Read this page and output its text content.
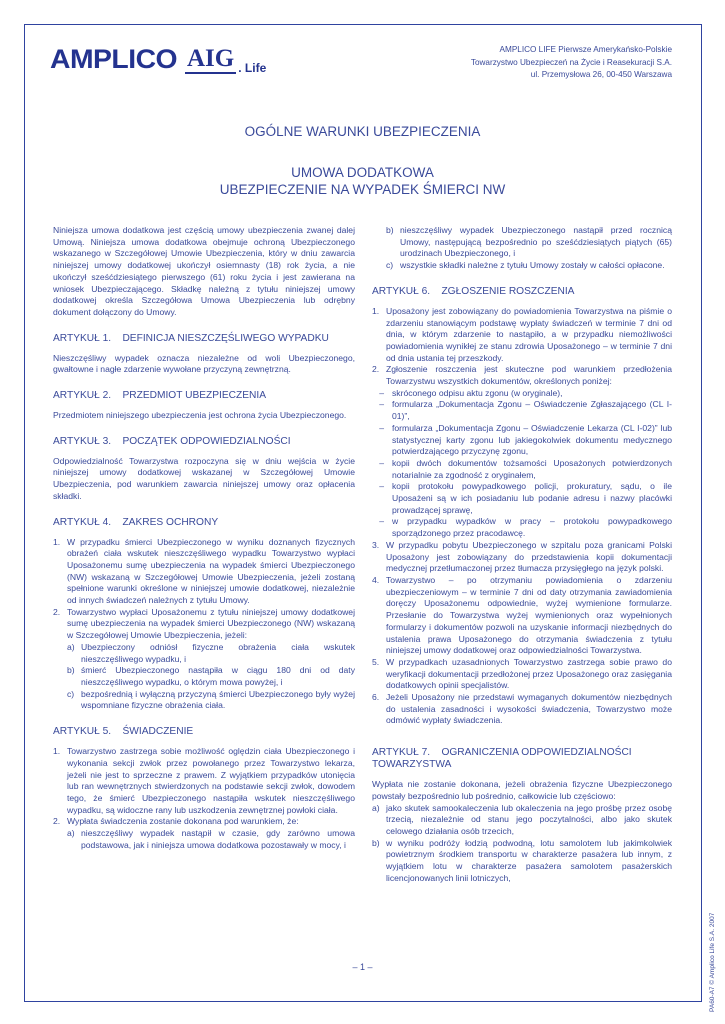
AMPLICO AIG . Life
AMPLICO LIFE Pierwsze Amerykańsko-Polskie
Towarzystwo Ubezpieczeń na Życie i Reasekuracji S.A.
ul. Przemysłowa 26, 00-450 Warszawa
OGÓLNE WARUNKI UBEZPIECZENIA
UMOWA DODATKOWA
UBEZPIECZENIE NA WYPADEK ŚMIERCI NW

Niniejsza umowa dodatkowa jest częścią umowy ubezpieczenia zwanej dalej Umową. Niniejsza umowa dodatkowa obejmuje ochroną Ubezpieczonego wskazanego w Szczegółowej Umowie Ubezpieczenia, który w dniu zawarcia niniejszej umowy dodatkowej ukończył osiemnasty (18) rok życia, a nie ukończył sześćdziesiątego pierwszego (61) roku życia i jest zawierana na wniosek Ubezpieczającego. Składkę należną z tytułu niniejszej umowy dodatkowej określa Szczegółowa Umowa Ubezpieczenia lub odrębny dokument dołączony do Umowy.

ARTYKUŁ 1.    DEFINICJA NIESZCZĘŚLIWEGO WYPADKU

Nieszczęśliwy wypadek oznacza niezależne od woli Ubezpieczonego, gwałtowne i nagłe zdarzenie wywołane przyczyną zewnętrzną.

ARTYKUŁ 2.    PRZEDMIOT UBEZPIECZENIA

Przedmiotem niniejszego ubezpieczenia jest ochrona życia Ubezpieczonego.

ARTYKUŁ 3.    POCZĄTEK ODPOWIEDZIALNOŚCI

Odpowiedzialność Towarzystwa rozpoczyna się w dniu wejścia w życie niniejszej umowy dodatkowej wskazanej w Szczegółowej Umowie Ubezpieczenia, pod warunkiem zawarcia niniejszej umowy oraz opłacenia składki.

ARTYKUŁ 4.    ZAKRES OCHRONY
1. W przypadku śmierci Ubezpieczonego w wyniku doznanych fizycznych obrażeń ciała wskutek nieszczęśliwego wypadku Towarzystwo wypłaci Uposażonemu sumę ubezpieczenia na wypadek śmierci Ubezpieczonego (NW) wskazaną w Szczegółowej Umowie Ubezpieczenia, jeżeli zostaną spełnione warunki określone w niniejszej umowie dodatkowej, niezależnie od innych świadczeń należnych z tytułu Umowy.
2. Towarzystwo wypłaci Uposażonemu z tytułu niniejszej umowy dodatkowej sumę ubezpieczenia na wypadek śmierci Ubezpieczonego (NW) wskazaną w Szczegółowej Umowie Ubezpieczenia, jeżeli:
a) Ubezpieczony odniósł fizyczne obrażenia ciała wskutek nieszczęśliwego wypadku, i
b) śmierć Ubezpieczonego nastąpiła w ciągu 180 dni od daty nieszczęśliwego wypadku, o którym mowa powyżej, i
c) bezpośrednią i wyłączną przyczyną śmierci Ubezpieczonego były wyżej wspomniane fizyczne obrażenia ciała.
ARTYKUŁ 5.    ŚWIADCZENIE
1. Towarzystwo zastrzega sobie możliwość oględzin ciała Ubezpieczonego i wykonania sekcji zwłok przez powołanego przez Towarzystwo lekarza, jeżeli nie jest to sprzeczne z prawem. Z wyjątkiem przypadków utonięcia lub ran wewnętrznych stwierdzonych na podstawie sekcji zwłok, dowodem tego, że śmierć Ubezpieczonego nastąpiła wskutek nieszczęśliwego wypadku, są widoczne rany lub uszkodzenia zewnętrznej powłoki ciała.
2. Wypłata świadczenia zostanie dokonana pod warunkiem, że:
a) nieszczęśliwy wypadek nastąpił w czasie, gdy zarówno umowa podstawowa, jak i niniejsza umowa dodatkowa pozostawały w mocy, i
b) nieszczęśliwy wypadek Ubezpieczonego nastąpił przed rocznicą Umowy, następującą bezpośrednio po sześćdziesiątych piątych (65) urodzinach Ubezpieczonego, i
c) wszystkie składki należne z tytułu Umowy zostały w całości opłacone.
ARTYKUŁ 6.    ZGŁOSZENIE ROSZCZENIA
1. Uposażony jest zobowiązany do powiadomienia Towarzystwa na piśmie o zdarzeniu stanowiącym podstawę wypłaty świadczeń w terminie 7 dni od dnia, w którym zdarzenie to nastąpiło, a w przypadku niemożliwości powiadomienia wynikłej ze stanu zdrowia Uposażonego – w terminie 7 dni od dnia ustania tej przeszkody.
2. Zgłoszenie roszczenia jest skuteczne pod warunkiem przedłożenia Towarzystwu wszystkich dokumentów, określonych poniżej:
– skróconego odpisu aktu zgonu (w oryginale),
– formularza „Dokumentacja Zgonu – Oświadczenie Zgłaszającego (CL I-01)”,
– formularza „Dokumentacja Zgonu – Oświadczenie Lekarza (CL I-02)” lub statystycznej karty zgonu lub jakiegokolwiek dokumentu medycznego potwierdzającego przyczynę zgonu,
– kopii dwóch dokumentów tożsamości Uposażonych potwierdzonych notarialnie za zgodność z oryginałem,
– kopii protokołu powypadkowego policji, prokuratury, sądu, o ile Uposażeni są w ich posiadaniu lub podanie adresu i nazwy placówki prowadzącej sprawę,
– w przypadku wypadków w pracy – protokołu powypadkowego sporządzonego przez pracodawcę.
3. W przypadku pobytu Ubezpieczonego w szpitalu poza granicami Polski Uposażony jest zobowiązany do przedstawienia kopii dokumentacji medycznej przetłumaczonej przez tłumacza przysięgłego na język polski.
4. Towarzystwo – po otrzymaniu powiadomienia o zdarzeniu ubezpieczeniowym – w terminie 7 dni od daty otrzymania zawiadomienia doręczy Uposażonemu odpowiednie, wyżej wymienione formularze. Przesłanie do Towarzystwa wyżej wymienionych oraz wypełnionych formularzy i dokumentów pozwoli na uzyskanie informacji niezbędnych do ustalenia prawa Uposażonego do otrzymania świadczenia z tytułu niniejszej umowy dodatkowej oraz odpowiedzialności Towarzystwa.
5. W przypadkach uzasadnionych Towarzystwo zastrzega sobie prawo do weryfikacji dokumentacji przedłożonej przez Uposażonego oraz zasięgania dodatkowych opinii specjalistów.
6. Jeżeli Uposażony nie przedstawi wymaganych dokumentów niezbędnych do ustalenia zasadności i wysokości świadczenia, Towarzystwo może odmówić wypłaty świadczenia.
ARTYKUŁ 7.    OGRANICZENIA ODPOWIEDZIALNOŚCI TOWARZYSTWA

Wypłata nie zostanie dokonana, jeżeli obrażenia fizyczne Ubezpieczonego powstały bezpośrednio lub pośrednio, całkowicie lub częściowo:

a) jako skutek samookaleczenia lub okaleczenia na jego prośbę przez osobę trzecią, niezależnie od stanu jego poczytalności, albo jako skutek celowego działania osób trzecich,
b) w wyniku podróży łodzią podwodną, lotu samolotem lub jakimkolwiek powietrznym środkiem transportu w charakterze pasażera lub innym, z wyjątkiem lotu w charakterze pasażera samolotem pasażerskich licencjonowanych linii lotniczych,
– 1 –	PA60-A7 © Amplico Life S.A. 2007
